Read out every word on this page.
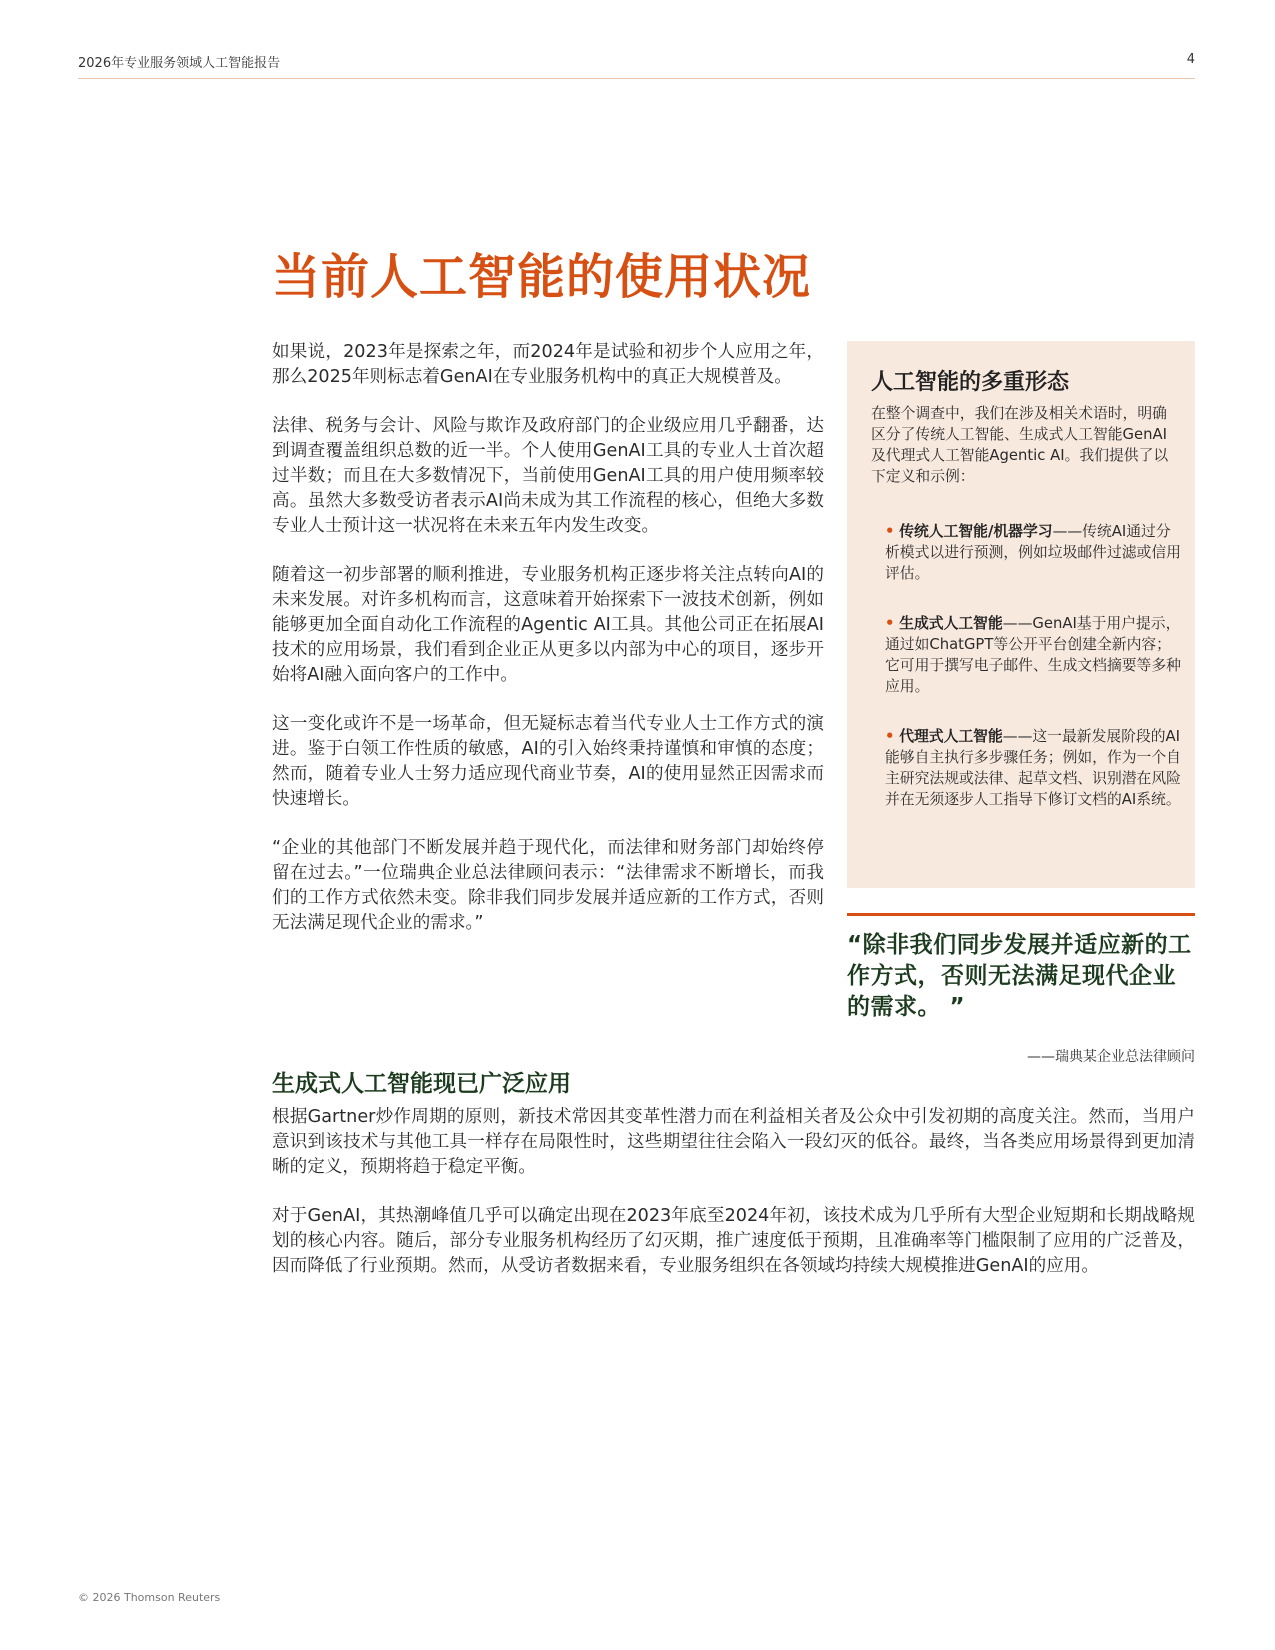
2026年专业服务领域人工智能报告	4
当前人工智能的使用状况

如果说，2023年是探索之年，而2024年是试验和初步个人应用之年，那么2025年则标志着GenAI在专业服务机构中的真正大规模普及。

法律、税务与会计、风险与欺诈及政府部门的企业级应用几乎翻番，达到调查覆盖组织总数的近一半。个人使用GenAI工具的专业人士首次超过半数；而且在大多数情况下，当前使用GenAI工具的用户使用频率较高。虽然大多数受访者表示AI尚未成为其工作流程的核心，但绝大多数专业人士预计这一状况将在未来五年内发生改变。

随着这一初步部署的顺利推进，专业服务机构正逐步将关注点转向AI的未来发展。对许多机构而言，这意味着开始探索下一波技术创新，例如能够更加全面自动化工作流程的Agentic AI工具。其他公司正在拓展AI技术的应用场景，我们看到企业正从更多以内部为中心的项目，逐步开始将AI融入面向客户的工作中。

这一变化或许不是一场革命，但无疑标志着当代专业人士工作方式的演进。鉴于白领工作性质的敏感，AI的引入始终秉持谨慎和审慎的态度；然而，随着专业人士努力适应现代商业节奏，AI的使用显然正因需求而快速增长。

“企业的其他部门不断发展并趋于现代化，而法律和财务部门却始终停留在过去。”一位瑞典企业总法律顾问表示：“法律需求不断增长，而我们的工作方式依然未变。除非我们同步发展并适应新的工作方式，否则无法满足现代企业的需求。”

人工智能的多重形态
在整个调查中，我们在涉及相关术语时，明确区分了传统人工智能、生成式人工智能GenAI及代理式人工智能Agentic AI。我们提供了以下定义和示例：
• 传统人工智能/机器学习——传统AI通过分析模式以进行预测，例如垃圾邮件过滤或信用评估。
• 生成式人工智能——GenAI基于用户提示，通过如ChatGPT等公开平台创建全新内容；它可用于撰写电子邮件、生成文档摘要等多种应用。
• 代理式人工智能——这一最新发展阶段的AI能够自主执行多步骤任务；例如，作为一个自主研究法规或法律、起草文档、识别潜在风险并在无须逐步人工指导下修订文档的AI系统。
“除非我们同步发展并适应新的工作方式，否则无法满足现代企业的需求。 ”
——瑞典某企业总法律顾问
生成式人工智能现已广泛应用

根据Gartner炒作周期的原则，新技术常因其变革性潜力而在利益相关者及公众中引发初期的高度关注。然而，当用户意识到该技术与其他工具一样存在局限性时，这些期望往往会陷入一段幻灭的低谷。最终，当各类应用场景得到更加清晰的定义，预期将趋于稳定平衡。

对于GenAI，其热潮峰值几乎可以确定出现在2023年底至2024年初，该技术成为几乎所有大型企业短期和长期战略规划的核心内容。随后，部分专业服务机构经历了幻灭期，推广速度低于预期，且准确率等门槛限制了应用的广泛普及，因而降低了行业预期。然而，从受访者数据来看，专业服务组织在各领域均持续大规模推进GenAI的应用。

© 2026 Thomson Reuters
